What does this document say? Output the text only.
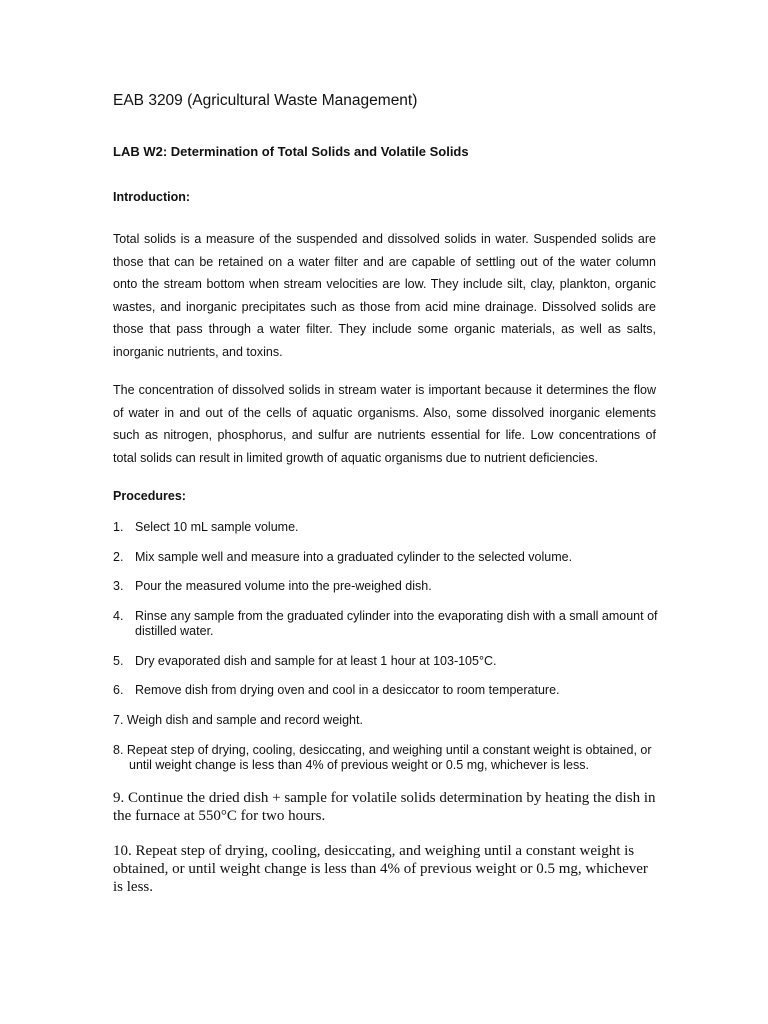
EAB 3209 (Agricultural Waste Management)
LAB W2: Determination of Total Solids and Volatile Solids
Introduction:

Total solids is a measure of the suspended and dissolved solids in water. Suspended solids are those that can be retained on a water filter and are capable of settling out of the water column onto the stream bottom when stream velocities are low. They include silt, clay, plankton, organic wastes, and inorganic precipitates such as those from acid mine drainage. Dissolved solids are those that pass through a water filter. They include some organic materials, as well as salts, inorganic nutrients, and toxins.

The concentration of dissolved solids in stream water is important because it determines the flow of water in and out of the cells of aquatic organisms. Also, some dissolved inorganic elements such as nitrogen, phosphorus, and sulfur are nutrients essential for life. Low concentrations of total solids can result in limited growth of aquatic organisms due to nutrient deficiencies.

Procedures:
1. Select 10 mL sample volume.
2. Mix sample well and measure into a graduated cylinder to the selected volume.
3. Pour the measured volume into the pre-weighed dish.
4. Rinse any sample from the graduated cylinder into the evaporating dish with a small amount of distilled water.
5. Dry evaporated dish and sample for at least 1 hour at 103-105°C.
6. Remove dish from drying oven and cool in a desiccator to room temperature.
7. Weigh dish and sample and record weight.
8. Repeat step of drying, cooling, desiccating, and weighing until a constant weight is obtained, or until weight change is less than 4% of previous weight or 0.5 mg, whichever is less.
9. Continue the dried dish + sample for volatile solids determination by heating the dish in the furnace at 550°C for two hours.
10. Repeat step of drying, cooling, desiccating, and weighing until a constant weight is obtained, or until weight change is less than 4% of previous weight or 0.5 mg, whichever is less.
